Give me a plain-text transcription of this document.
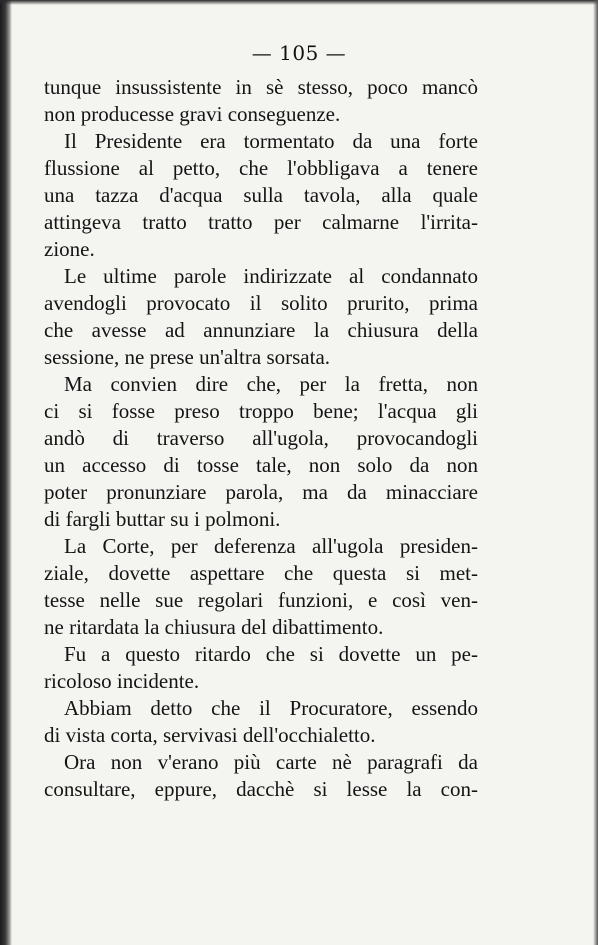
— 105 —
tunque insussistente in sè stesso, poco mancò
non producesse gravi conseguenze.
Il Presidente era tormentato da una forte
flussione al petto, che l'obbligava a tenere
una tazza d'acqua sulla tavola, alla quale
attingeva tratto tratto per calmarne l'irrita-
zione.
Le ultime parole indirizzate al condannato
avendogli provocato il solito prurito, prima
che avesse ad annunziare la chiusura della
sessione, ne prese un'altra sorsata.
Ma convien dire che, per la fretta, non
ci si fosse preso troppo bene; l'acqua gli
andò di traverso all'ugola, provocandogli
un accesso di tosse tale, non solo da non
poter pronunziare parola, ma da minacciare
di fargli buttar su i polmoni.
La Corte, per deferenza all'ugola presiden-
ziale, dovette aspettare che questa si met-
tesse nelle sue regolari funzioni, e così ven-
ne ritardata la chiusura del dibattimento.
Fu a questo ritardo che si dovette un pe-
ricoloso incidente.
Abbiam detto che il Procuratore, essendo
di vista corta, servivasi dell'occhialetto.
Ora non v'erano più carte nè paragrafi da
consultare, eppure, dacchè si lesse la con-
